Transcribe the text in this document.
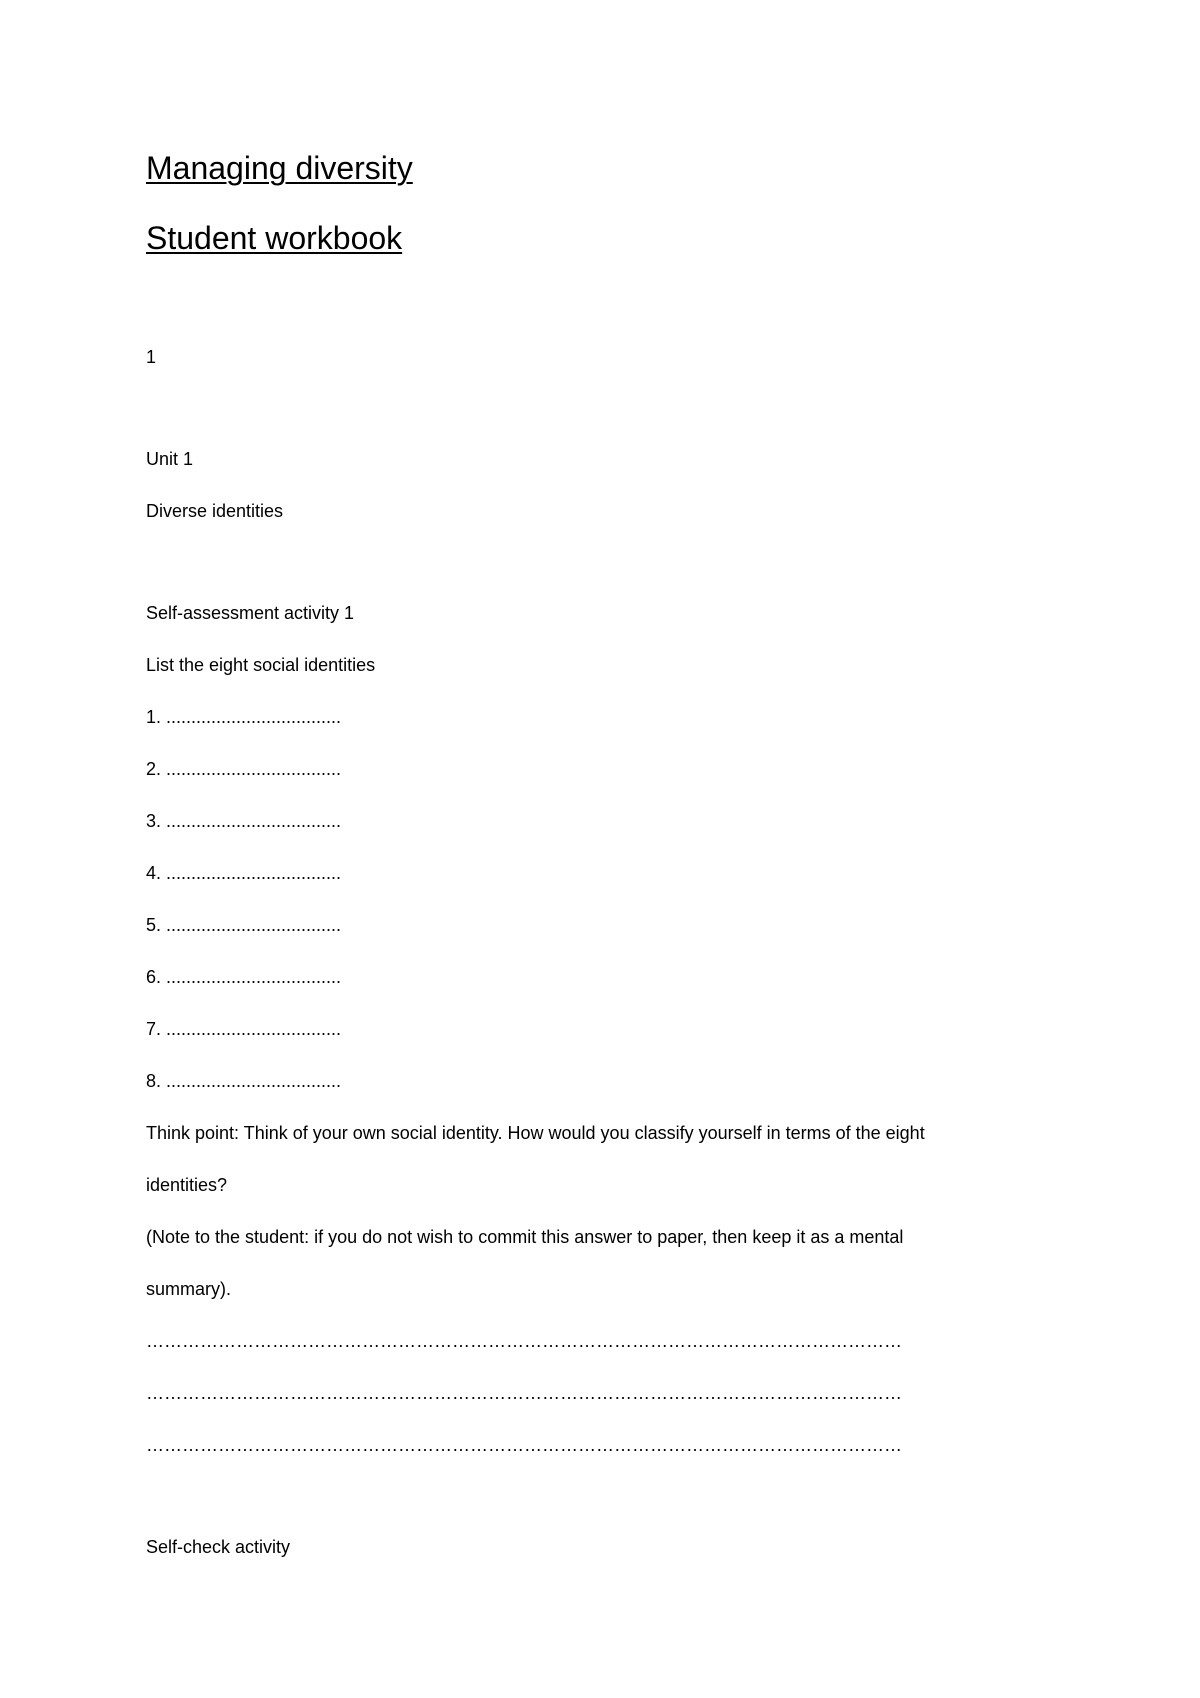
Managing diversity
Student workbook
1
Unit 1
Diverse identities
Self-assessment activity 1
List the eight social identities
1. ...................................
2. ...................................
3. ...................................
4. ...................................
5. ...................................
6. ...................................
7. ...................................
8. ...................................
Think point: Think of your own social identity. How would you classify yourself in terms of the eight
identities?
(Note to the student: if you do not wish to commit this answer to paper, then keep it as a mental
summary).
………………………………………………………………………………………………………………
………………………………………………………………………………………………………………
………………………………………………………………………………………………………………
Self-check activity
